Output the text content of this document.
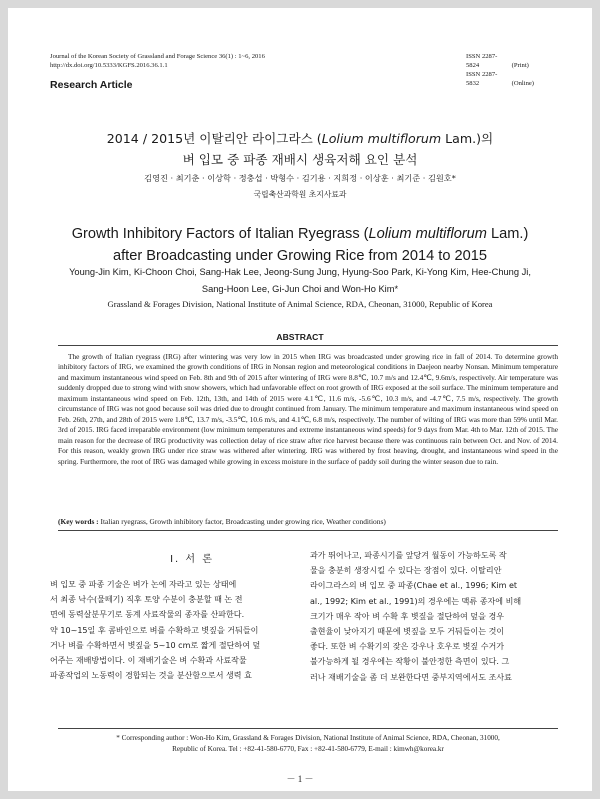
Journal of the Korean Society of Grassland and Forage Science 36(1) : 1~6, 2016
http://dx.doi.org/10.5333/KGFS.2016.36.1.1
ISSN 2287-5824	(Print)
ISSN 2287-5832	(Online)
Research Article
2014 / 2015년 이탈리안 라이그라스 (Lolium multiflorum Lam.)의
벼 입모 중 파종 재배시 생육저해 요인 분석
김영진 · 최기춘 · 이상학 · 정충섭 · 박형수 · 김기용 · 지희정 · 이상훈 · 최기준 · 김원호*
국립축산과학원 초지사료과
Growth Inhibitory Factors of Italian Ryegrass (Lolium multiflorum Lam.)
after Broadcasting under Growing Rice from 2014 to 2015
Young-Jin Kim, Ki-Choon Choi, Sang-Hak Lee, Jeong-Sung Jung, Hyung-Soo Park, Ki-Yong Kim, Hee-Chung Ji,
Sang-Hoon Lee, Gi-Jun Choi and Won-Ho Kim*
Grassland & Forages Division, National Institute of Animal Science, RDA, Cheonan, 31000, Republic of Korea
ABSTRACT

The growth of Italian ryegrass (IRG) after wintering was very low in 2015 when IRG was broadcasted under growing rice in fall of 2014. To determine growth inhibitory factors of IRG, we examined the growth conditions of IRG in Nonsan region and meteorological conditions in Daejeon nearby Nonsan. Minimum temperature and maximum instantaneous wind speed on Feb. 8th and 9th of 2015 after wintering of IRG were 8.8℃, 10.7 m/s and 12.4℃, 9.6m/s, respectively. Air temperature was suddenly dropped due to strong wind with snow showers, which had unfavorable effect on root growth of IRG exposed at the soil surface. The minimum temperature and maximum instantaneous wind speed on Feb. 12th, 13th, and 14th of 2015 were 4.1℃, 11.6 m/s, -5.6℃, 10.3 m/s, and -4.7℃, 7.5 m/s, respectively. The growth circumstance of IRG was not good because soil was dried due to drought continued from January. The minimum temperature and maximum instantaneous wind speed on Feb. 26th, 27th, and 28th of 2015 were 1.8℃, 13.7 m/s, -3.5℃, 10.6 m/s, and 4.1℃, 6.8 m/s, respectively. The number of wilting of IRG was more than 59% until Mar. 3rd of 2015. IRG faced irreparable environment (low minimum temperatures and extreme instantaneous wind speeds) for 9 days from Mar. 4th to Mar. 12th of 2015. The main reason for the decrease of IRG productivity was collection delay of rice straw after rice harvest because there was continuous rain between Oct. and Nov. of 2014. For this reason, weakly grown IRG under rice straw was withered after wintering. IRG was withered by frost heaving, drought, and instantaneous wind speed in the spring. Furthermore, the root of IRG was damaged while growing in excess moisture in the surface of paddy soil during the winter season due to rain.

(Key words : Italian ryegrass, Growth inhibitory factor, Broadcasting under growing rice, Weather conditions)
Ⅰ. 서 론
벼 입모 중 파종 기술은 벼가 논에 자라고 있는 상태에
서 최종 낙수(물떼기) 직후 토양 수분이 충분할 때 논 전
면에 동력살분무기로 동계 사료작물의 종자를 산파한다.
약 10~15일 후 콤바인으로 벼를 수확하고 볏짚을 거둬들이
거나 벼를 수확하면서 볏짚을 5~10 cm로 짧게 절단하여 덮
어주는 재배방법이다. 이 재배기술은 벼 수확과 사료작물
파종작업의 노동력이 경합되는 것을 분산함으로서 생력 효
과가 뛰어나고, 파종시기를 앞당겨 월동이 가능하도록 작
물을 충분히 생장시킬 수 있다는 장점이 있다. 이탈리안
라이그라스의 벼 입모 중 파종(Chae et al., 1996; Kim et
al., 1992; Kim et al., 1991)의 경우에는 맥류 종자에 비해
크기가 매우 작아 벼 수확 후 볏짚을 절단하여 덮을 경우
출현율이 낮아지기 때문에 볏짚을 모두 거둬들이는 것이
좋다. 또한 벼 수확기의 잦은 강우나 호우로 볏짚 수거가
불가능하게 될 경우에는 작황이 불안정한 측면이 있다. 그
러나 재배기술을 좀 더 보완한다면 중부지역에서도 조사료
* Corresponding author : Won-Ho Kim, Grassland & Forages Division, National Institute of Animal Science, RDA, Cheonan, 31000,
Republic of Korea. Tel : +82-41-580-6770, Fax : +82-41-580-6779, E-mail : kimwh@korea.kr
－ 1 －
